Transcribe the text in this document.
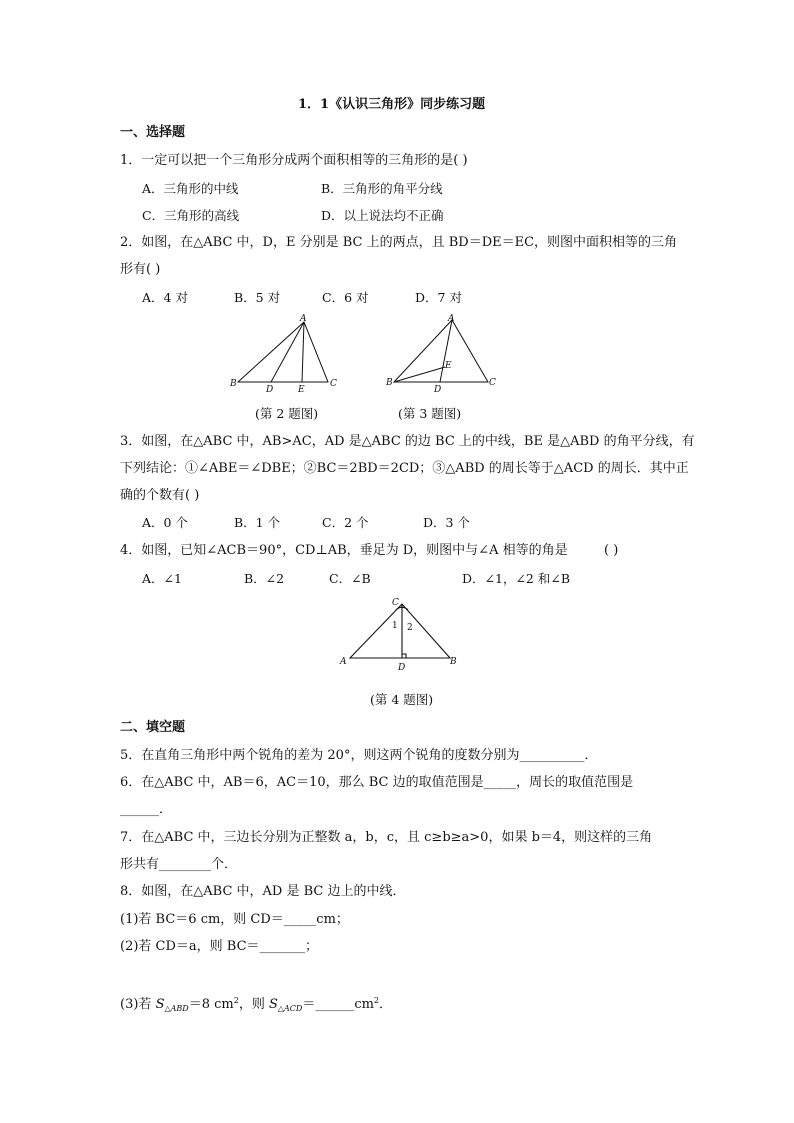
1．1《认识三角形》同步练习题
一、选择题
1．一定可以把一个三角形分成两个面积相等的三角形的是( )
A．三角形的中线	B．三角形的角平分线
C．三角形的高线	D．以上说法均不正确
2．如图，在△ABC 中，D，E 分别是 BC 上的两点，且 BD＝DE＝EC，则图中面积相等的三角
形有( )
A．4 对	B．5 对	C．6 对	D．7 对
A
B
D	E
C
(第 2 题图)
A
B
D
E
C
(第 3 题图)
3．如图，在△ABC 中，AB>AC，AD 是△ABC 的边 BC 上的中线，BE 是△ABD 的角平分线，有
下列结论：①∠ABE＝∠DBE；②BC＝2BD＝2CD；③△ABD 的周长等于△ACD 的周长．其中正
确的个数有( )
A．0 个	B．1 个	C．2 个	D．3 个
4．如图，已知∠ACB＝90°，CD⊥AB，垂足为 D，则图中与∠A 相等的角是	( )
A．∠1	B．∠2	C．∠B	D．∠1，∠2 和∠B
C
1 2
A
D
B
(第 4 题图)
二、填空题
5．在直角三角形中两个锐角的差为 20°，则这两个锐角的度数分别为__________．
6．在△ABC 中，AB＝6，AC＝10，那么 BC 边的取值范围是_____，周长的取值范围是
______．
7．在△ABC 中，三边长分别为正整数 a，b，c，且 c≥b≥a>0，如果 b＝4，则这样的三角
形共有________个．
8．如图，在△ABC 中，AD 是 BC 边上的中线．
(1)若 BC＝6 cm，则 CD＝_____cm；
(2)若 CD＝a，则 BC＝_______；
(3)若 $S_{\triangle ABD}=8$ $cm^2$，则 $S_{\triangle ACD}=\_\_\_\_\_\_cm^2$．
